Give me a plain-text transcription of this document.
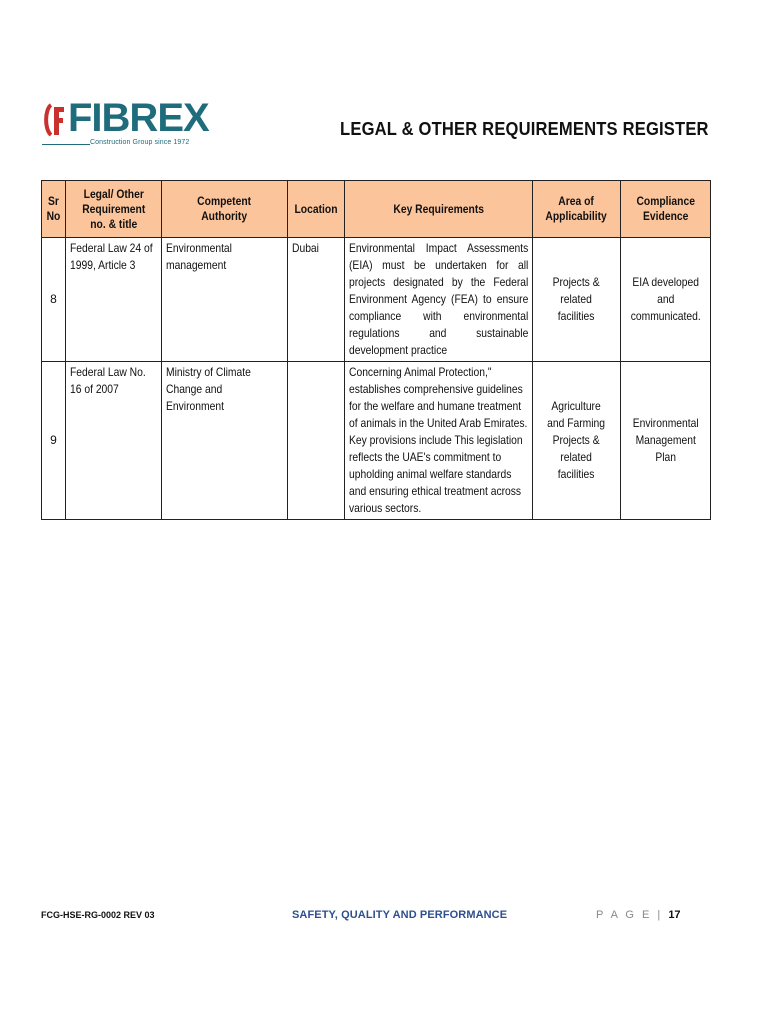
FIBREX
Construction Group since 1972
LEGAL & OTHER REQUIREMENTS REGISTER
Sr No	Legal/ Other Requirement no. & title	Competent Authority	Location	Key Requirements	Area of Applicability	Compliance Evidence
8	Federal Law 24 of 1999, Article 3	Environmental management	Dubai	Environmental Impact Assessments (EIA) must be undertaken for all projects designated by the Federal Environment Agency (FEA) to ensure compliance with environmental regulations and sustainable development practice	Projects & related facilities	EIA developed and communicated.
9	Federal Law No. 16 of 2007	Ministry of Climate Change and Environment		Concerning Animal Protection," establishes comprehensive guidelines for the welfare and humane treatment of animals in the United Arab Emirates. Key provisions include This legislation reflects the UAE's commitment to upholding animal welfare standards and ensuring ethical treatment across various sectors.	Agriculture and Farming Projects & related facilities	Environmental Management Plan
FCG-HSE-RG-0002 REV 03	SAFETY, QUALITY AND PERFORMANCE	P A G E | 17
